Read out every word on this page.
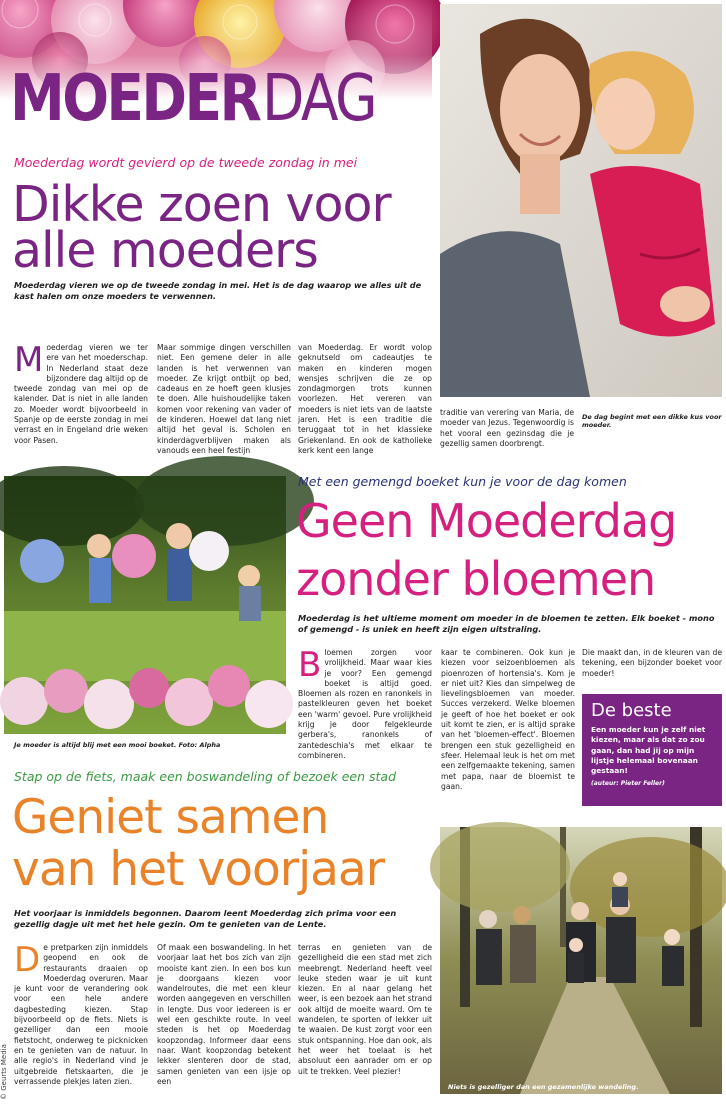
MOEDERDAG
Moederdag wordt gevierd op de tweede zondag in mei
Dikke zoen voor
alle moeders
Moederdag vieren we op de tweede zondag in mei. Het is de dag waarop we alles uit de kast halen om onze moeders te verwennen.
Moederdag vieren we ter ere van het moederschap. In Nederland staat deze bijzondere dag altijd op de tweede zondag van mei op de kalender. Dat is niet in alle landen zo. Moeder wordt bijvoorbeeld in Spanje op de eerste zondag in mei verrast en in Engeland drie weken voor Pasen.
Maar sommige dingen verschillen niet. Een gemene deler in alle landen is het verwennen van moeder. Ze krijgt ontbijt op bed, cadeaus en ze hoeft geen klusjes te doen. Alle huishoudelijke taken komen voor rekening van vader of de kinderen. Hoewel dat lang niet altijd het geval is. Scholen en kinderdagverblijven maken als vanouds een heel festijn
van Moederdag. Er wordt volop geknutseld om cadeautjes te maken en kinderen mogen wensjes schrijven die ze op zondagmorgen trots kunnen voorlezen. Het vereren van moeders is niet iets van de laatste jaren. Het is een traditie die teruggaat tot in het klassieke Griekenland. En ook de katholieke kerk kent een lange
traditie van verering van Maria, de moeder van Jezus. Tegenwoordig is het vooral een gezinsdag die je gezellig samen doorbrengt.
De dag begint met een dikke kus voor moeder.
Je moeder is altijd blij met een mooi boeket. Foto: Alpha
Met een gemengd boeket kun je voor de dag komen
Geen Moederdag
zonder bloemen
Moederdag is het ultieme moment om moeder in de bloemen te zetten. Elk boeket - mono of gemengd - is uniek en heeft zijn eigen uitstraling.
Bloemen zorgen voor vrolijkheid. Maar waar kies je voor? Een gemengd boeket is altijd goed. Bloemen als rozen en ranonkels in pastelkleuren geven het boeket een 'warm' gevoel. Pure vrolijkheid krijg je door felgekleurde gerbera's, ranonkels of zantedeschia's met elkaar te combineren.
kaar te combineren. Ook kun je kiezen voor seizoenbloemen als pioenrozen of hortensia's. Kom je er niet uit? Kies dan simpelweg de lievelingsbloemen van moeder. Succes verzekerd. Welke bloemen je geeft of hoe het boeket er ook uit komt te zien, er is altijd sprake van het 'bloemen-effect'. Bloemen brengen een stuk gezelligheid en sfeer. Helemaal leuk is het om met een zelfgemaakte tekening, samen met papa, naar de bloemist te gaan.
Die maakt dan, in de kleuren van de tekening, een bijzonder boeket voor moeder!
De beste
Een moeder kun je zelf niet kiezen, maar als dat zo zou gaan, dan had jij op mijn lijstje helemaal bovenaan gestaan!
(auteur: Pieter Feller)
Stap op de fiets, maak een boswandeling of bezoek een stad
Geniet samen
van het voorjaar
Het voorjaar is inmiddels begonnen. Daarom leent Moederdag zich prima voor een gezellig dagje uit met het hele gezin. Om te genieten van de Lente.
De pretparken zijn inmiddels geopend en ook de restaurants draaien op Moederdag overuren. Maar je kunt voor de verandering ook voor een hele andere dagbesteding kiezen. Stap bijvoorbeeld op de fiets. Niets is gezelliger dan een mooie fietstocht, onderweg te picknicken en te genieten van de natuur. In alle regio's in Nederland vind je uitgebreide fietskaarten, die je verrassende plekjes laten zien.
Of maak een boswandeling. In het voorjaar laat het bos zich van zijn mooiste kant zien. In een bos kun je doorgaans kiezen voor wandelroutes, die met een kleur worden aangegeven en verschillen in lengte. Dus voor iedereen is er wel een geschikte route. In veel steden is het op Moederdag koopzondag. Informeer daar eens naar. Want koopzondag betekent lekker slenteren door de stad, samen genieten van een ijsje op een
terras en genieten van de gezelligheid die een stad met zich meebrengt. Nederland heeft veel leuke steden waar je uit kunt kiezen. En al naar gelang het weer, is een bezoek aan het strand ook altijd de moeite waard. Om te wandelen, te sporten of lekker uit te waaien. De kust zorgt voor een stuk ontspanning. Hoe dan ook, als het weer het toelaat is het absoluut een aanrader om er op uit te trekken. Veel plezier!
Niets is gezelliger dan een gezamenlijke wandeling.
© Geurts Media
